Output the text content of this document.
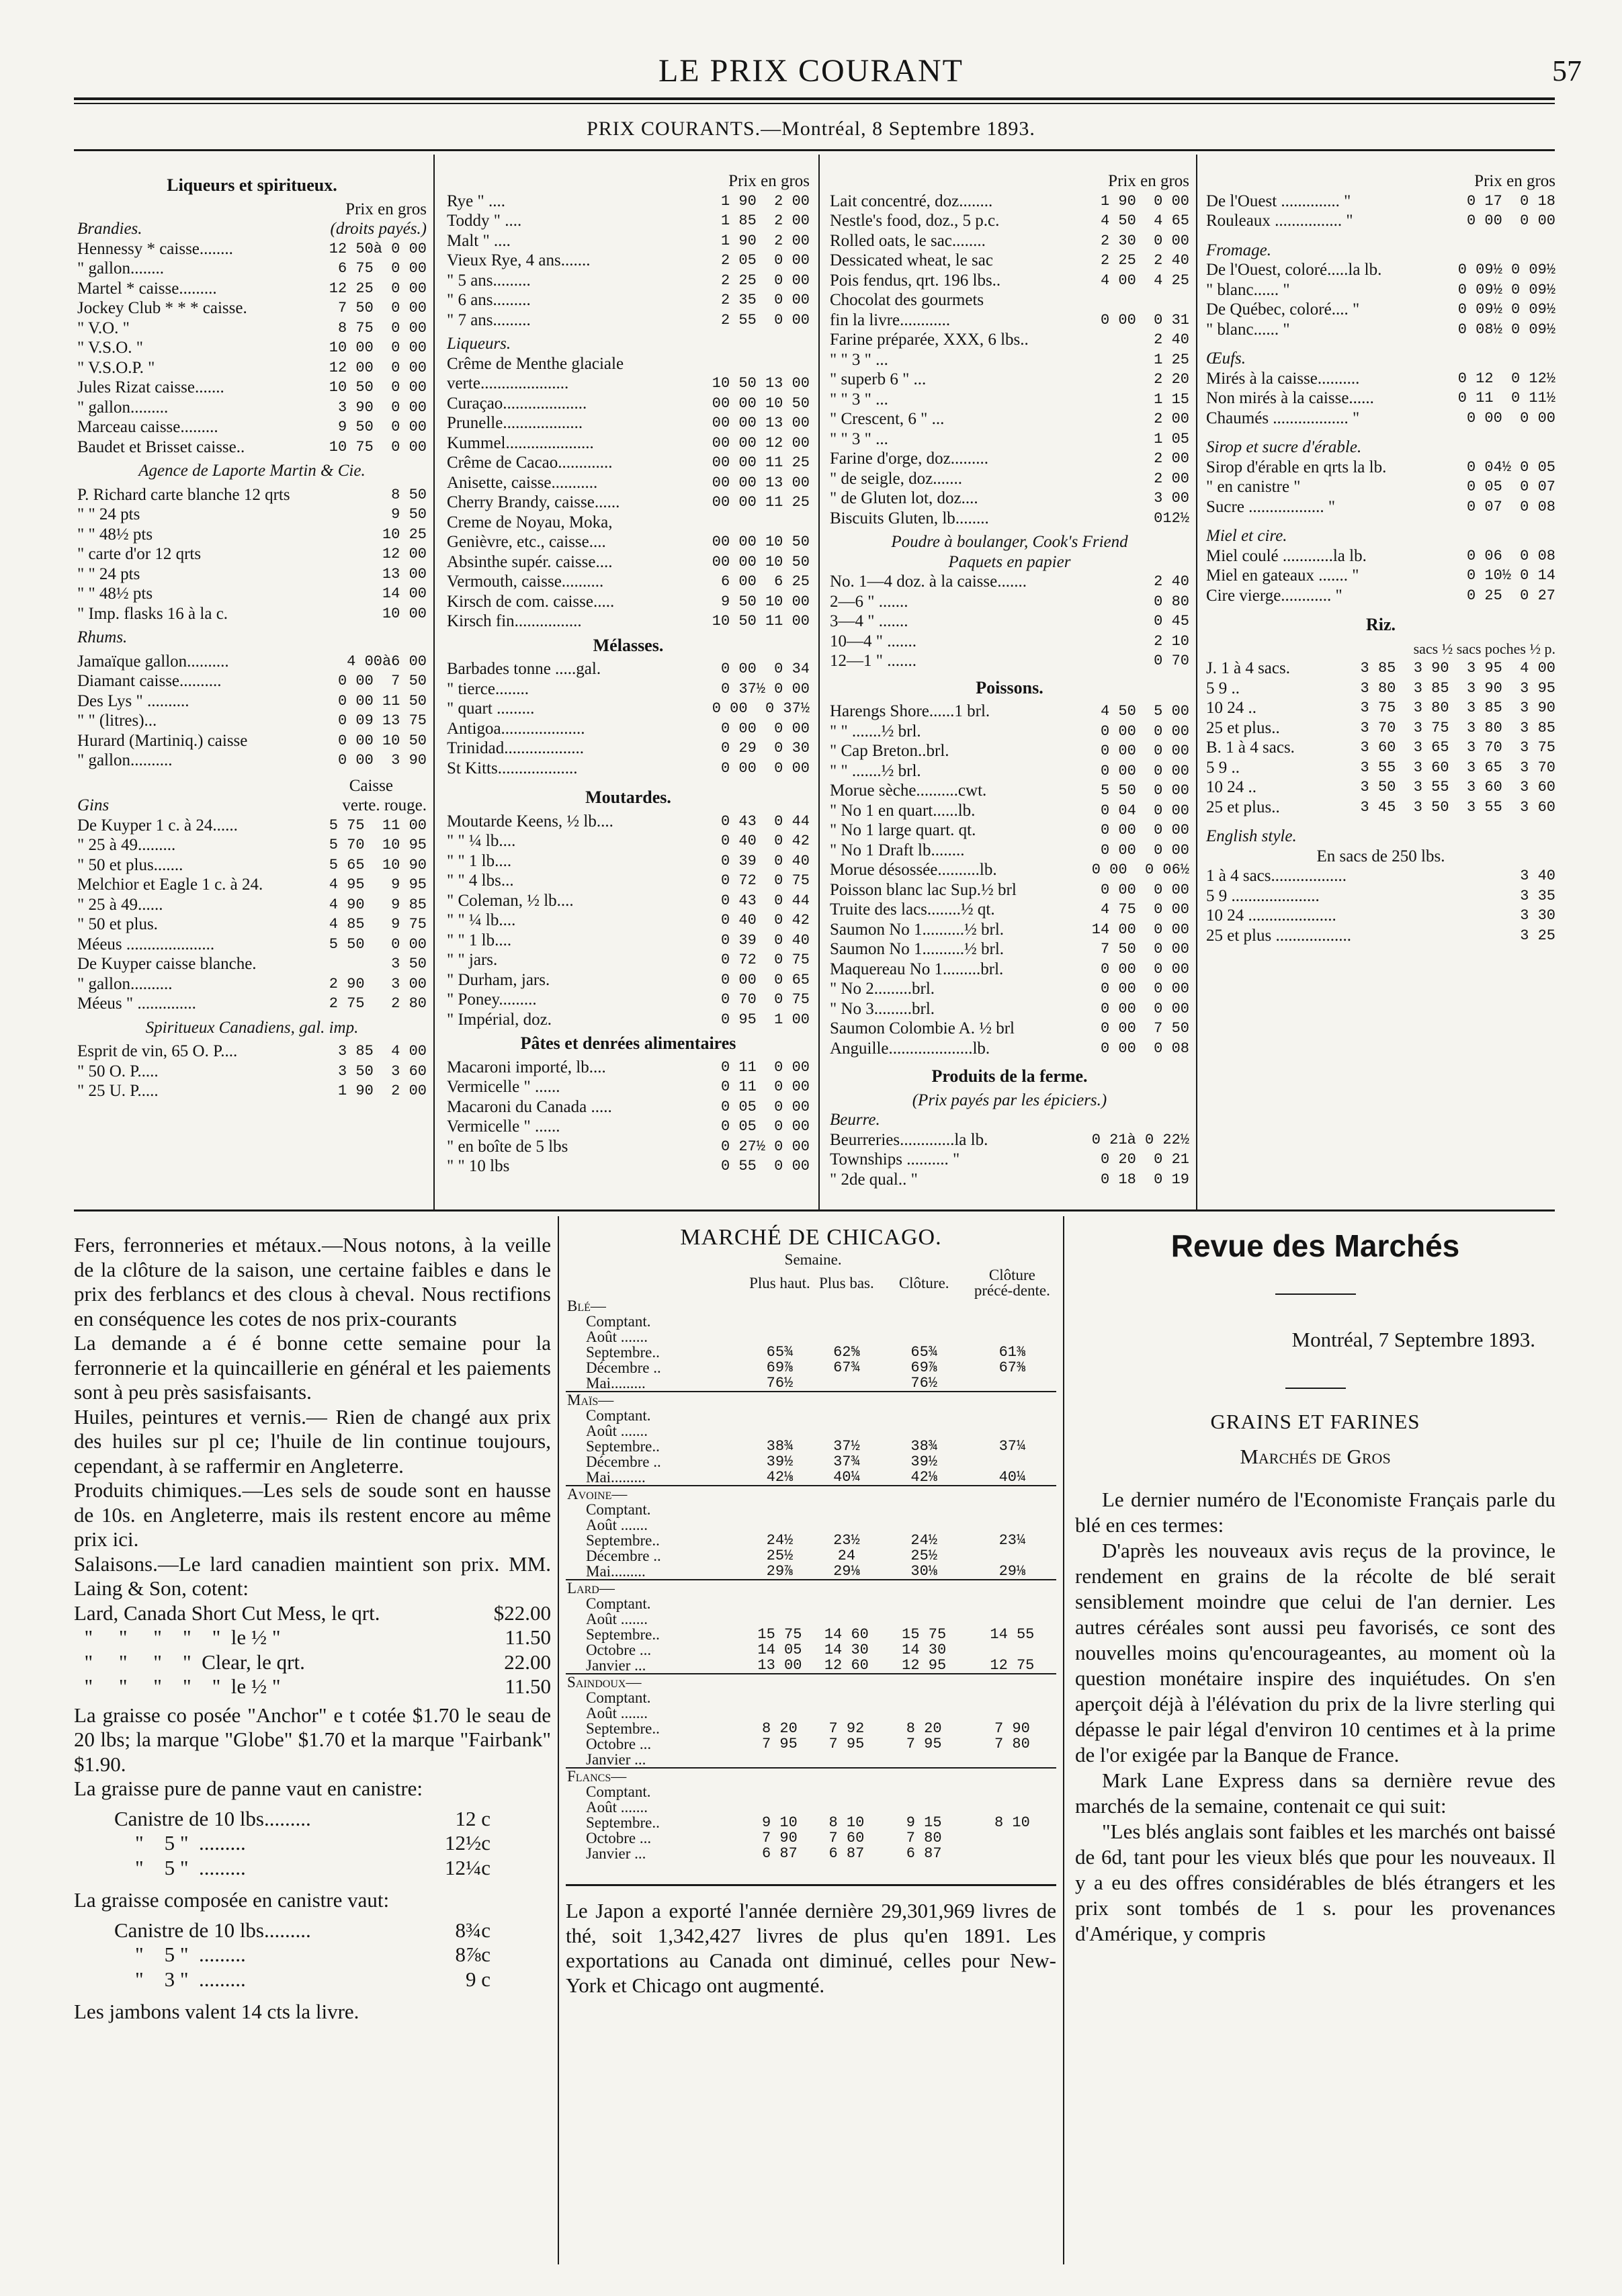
LE PRIX COURANT	57
PRIX COURANTS.—Montréal, 8 Septembre 1893.
Liqueurs et spiritueux.
Prix en gros
Brandies.	(droits payés.)
Hennessy * caisse........	12 50à 0 00
" gallon........	6 75  0 00
Martel * caisse.........	12 25  0 00
Jockey Club * * * caisse.	7 50  0 00
" V.O. "	8 75  0 00
" V.S.O. "	10 00  0 00
" V.S.O.P. "	12 00  0 00
Jules Rizat caisse.......	10 50  0 00
" gallon.........	3 90  0 00
Marceau caisse.........	9 50  0 00
Baudet et Brisset caisse..	10 75  0 00
Agence de Laporte Martin & Cie.
P. Richard carte blanche 12 qrts	8 50
" " 24 pts	9 50
" " 48½ pts	10 25
" carte d'or 12 qrts	12 00
" " 24 pts	13 00
" " 48½ pts	14 00
" Imp. flasks 16 à la c.	10 00
Rhums.
Jamaïque gallon..........	4 00à6 00
Diamant caisse..........	0 00  7 50
Des Lys " ..........	0 00 11 50
" " (litres)...	0 09 13 75
Hurard (Martiniq.) caisse	0 00 10 50
" gallon..........	0 00  3 90
Caisse
Gins	verte. rouge.
De Kuyper 1 c. à 24......	5 75  11 00
" 25 à 49.........	5 70  10 95
" 50 et plus.......	5 65  10 90
Melchior et Eagle 1 c. à 24.	4 95   9 95
" 25 à 49......	4 90   9 85
" 50 et plus.	4 85   9 75
Méeus .....................	5 50   0 00
De Kuyper caisse blanche.	3 50
" gallon..........	2 90   3 00
Méeus " ..............	2 75   2 80
Spiritueux Canadiens, gal. imp.
Esprit de vin, 65 O. P....	3 85  4 00
" 50 O. P.....	3 50  3 60
" 25 U. P.....	1 90  2 00
Prix en gros
Rye " ....	1 90  2 00
Toddy " ....	1 85  2 00
Malt " ....	1 90  2 00
Vieux Rye, 4 ans.......	2 05  0 00
" 5 ans.........	2 25  0 00
" 6 ans.........	2 35  0 00
" 7 ans.........	2 55  0 00
Liqueurs.
Crême de Menthe glaciale
verte.....................	10 50 13 00
Curaçao....................	00 00 10 50
Prunelle...................	00 00 13 00
Kummel.....................	00 00 12 00
Crême de Cacao.............	00 00 11 25
Anisette, caisse...........	00 00 13 00
Cherry Brandy, caisse......	00 00 11 25
Creme de Noyau, Moka,
Genièvre, etc., caisse....	00 00 10 50
Absinthe supér. caisse....	00 00 10 50
Vermouth, caisse..........	6 00  6 25
Kirsch de com. caisse.....	9 50 10 00
Kirsch fin................	10 50 11 00
Mélasses.
Barbades tonne .....gal.	0 00  0 34
" tierce........	0 37½ 0 00
" quart .........	0 00  0 37½
Antigoa....................	0 00  0 00
Trinidad...................	0 29  0 30
St Kitts...................	0 00  0 00
Moutardes.
Moutarde Keens, ½ lb....	0 43  0 44
" " ¼ lb....	0 40  0 42
" " 1 lb....	0 39  0 40
" " 4 lbs...	0 72  0 75
" Coleman, ½ lb....	0 43  0 44
" " ¼ lb....	0 40  0 42
" " 1 lb....	0 39  0 40
" " jars.	0 72  0 75
" Durham, jars.	0 00  0 65
" Poney.........	0 70  0 75
" Impérial, doz.	0 95  1 00
Pâtes et denrées alimentaires
Macaroni importé, lb....	0 11  0 00
Vermicelle " ......	0 11  0 00
Macaroni du Canada .....	0 05  0 00
Vermicelle " ......	0 05  0 00
" en boîte de 5 lbs	0 27½ 0 00
" " 10 lbs	0 55  0 00
Prix en gros
Lait concentré, doz........	1 90  0 00
Nestle's food, doz., 5 p.c.	4 50  4 65
Rolled oats, le sac........	2 30  0 00
Dessicated wheat, le sac	2 25  2 40
Pois fendus, qrt. 196 lbs..	4 00  4 25
Chocolat des gourmets
fin la livre............	0 00  0 31
Farine préparée, XXX, 6 lbs..	2 40
" " 3 " ...	1 25
" superb 6 " ...	2 20
" " 3 " ...	1 15
" Crescent, 6 " ...	2 00
" " 3 " ...	1 05
Farine d'orge, doz.........	2 00
" de seigle, doz.......	2 00
" de Gluten lot, doz....	3 00
Biscuits Gluten, lb........	012½
Poudre à boulanger, Cook's Friend
Paquets en papier
No. 1—4 doz. à la caisse.......	2 40
2—6 " .......	0 80
3—4 " .......	0 45
10—4 " .......	2 10
12—1 " .......	0 70
Poissons.
Harengs Shore......1 brl.	4 50  5 00
" " .......½ brl.	0 00  0 00
" Cap Breton..brl.	0 00  0 00
" " .......½ brl.	0 00  0 00
Morue sèche..........cwt.	5 50  0 00
" No 1 en quart......lb.	0 04  0 00
" No 1 large quart. qt.	0 00  0 00
" No 1 Draft lb........	0 00  0 00
Morue désossée..........lb.	0 00  0 06½
Poisson blanc lac Sup.½ brl	0 00  0 00
Truite des lacs........½ qt.	4 75  0 00
Saumon No 1..........½ brl.	14 00  0 00
Saumon No 1..........½ brl.	7 50  0 00
Maquereau No 1.........brl.	0 00  0 00
" No 2.........brl.	0 00  0 00
" No 3.........brl.	0 00  0 00
Saumon Colombie A. ½ brl	0 00  7 50
Anguille....................lb.	0 00  0 08
Produits de la ferme.
(Prix payés par les épiciers.)
Beurre.
Beurreries.............la lb.	0 21à 0 22½
Townships .......... "	0 20  0 21
" 2de qual.. "	0 18  0 19
Prix en gros
De l'Ouest .............. "	0 17  0 18
Rouleaux ................ "	0 00  0 00
Fromage.
De l'Ouest, coloré.....la lb.	0 09½ 0 09½
" blanc...... "	0 09½ 0 09½
De Québec, coloré.... "	0 09½ 0 09½
" blanc...... "	0 08½ 0 09½
Œufs.
Mirés à la caisse..........	0 12  0 12½
Non mirés à la caisse......	0 11  0 11½
Chaumés .................. "	0 00  0 00
Sirop et sucre d'érable.
Sirop d'érable en qrts la lb.	0 04½ 0 05
" en canistre "	0 05  0 07
Sucre .................. "	0 07  0 08
Miel et cire.
Miel coulé ............la lb.	0 06  0 08
Miel en gateaux ....... "	0 10½ 0 14
Cire vierge............ "	0 25  0 27
Riz.
sacs ½ sacs poches ½ p.
J. 1 à 4 sacs.	3 85  3 90  3 95  4 00
5 9 ..	3 80  3 85  3 90  3 95
10 24 ..	3 75  3 80  3 85  3 90
25 et plus..	3 70  3 75  3 80  3 85
B. 1 à 4 sacs.	3 60  3 65  3 70  3 75
5 9 ..	3 55  3 60  3 65  3 70
10 24 ..	3 50  3 55  3 60  3 60
25 et plus..	3 45  3 50  3 55  3 60
English style.
En sacs de 250 lbs.
1 à 4 sacs..................	3 40
5 9 .....................	3 35
10 24 .....................	3 30
25 et plus ..................	3 25

Fers, ferronneries et métaux.—Nous notons, à la veille de la clôture de la saison, une certaine faibles e dans le prix des ferblancs et des clous à cheval. Nous rectifions en conséquence les cotes de nos prix-courants

La demande a é é bonne cette semaine pour la ferronnerie et la quincaillerie en général et les paiements sont à peu près sasisfaisants.

Huiles, peintures et vernis.— Rien de changé aux prix des huiles sur pl ce; l'huile de lin continue toujours, cependant, à se raffermir en Angleterre.

Produits chimiques.—Les sels de soude sont en hausse de 10s. en Angleterre, mais ils restent encore au même prix ici.

Salaisons.—Le lard canadien maintient son prix. MM. Laing & Son, cotent:

Lard, Canada Short Cut Mess, le qrt.	$22.00
"     "     "    "    "  le ½ "	11.50
"     "     "    "  Clear, le qrt.	22.00
"     "     "    "    "  le ½ "	11.50

La graisse co posée "Anchor" e t cotée $1.70 le seau de 20 lbs; la marque "Globe" $1.70 et la marque "Fairbank" $1.90.

La graisse pure de panne vaut en canistre:

Canistre de 10 lbs.........	12 c
"    5 "  .........	12½c
"    5 "  .........	12¼c

La graisse composée en canistre vaut:

Canistre de 10 lbs.........	8¾c
"    5 "  .........	8⅞c
"    3 "  .........	9 c

Les jambons valent 14 cts la livre.

MARCHÉ DE CHICAGO.
	Semaine.			
	Plus haut.	Plus bas.	Clôture.	Clôture précé-dente.
Blé—				
Comptant.				
Août .......				
Septembre..	65¾	62⅝	65¾	61⅜
Décembre ..	69⅞	67¾	69⅞	67⅜
Mai.........	76½		76½	
Maïs—				
Comptant.				
Août .......				
Septembre..	38¾	37½	38¾	37¼
Décembre ..	39½	37¾	39½	
Mai.........	42⅛	40¼	42⅛	40¼
Avoine—				
Comptant.				
Août .......				
Septembre..	24½	23½	24½	23¼
Décembre ..	25½	24	25½	
Mai.........	29⅞	29⅛	30⅛	29⅛
Lard—				
Comptant.				
Août .......				
Septembre..	15 75	14 60	15 75	14 55
Octobre ...	14 05	14 30	14 30	
Janvier ...	13 00	12 60	12 95	12 75
Saindoux—				
Comptant.				
Août .......				
Septembre..	8 20	7 92	8 20	7 90
Octobre ...	7 95	7 95	7 95	7 80
Janvier ...				
Flancs—				
Comptant.				
Août .......				
Septembre..	9 10	8 10	9 15	8 10
Octobre ...	7 90	7 60	7 80	
Janvier ...	6 87	6 87	6 87	
Le Japon a exporté l'année dernière 29,301,969 livres de thé, soit 1,342,427 livres de plus qu'en 1891. Les exportations au Canada ont diminué, celles pour New-York et Chicago ont augmenté.
Revue des Marchés
Montréal, 7 Septembre 1893.
GRAINS ET FARINES
Marchés de Gros

Le dernier numéro de l'Economiste Français parle du blé en ces termes:

D'après les nouveaux avis reçus de la province, le rendement en grains de la récolte de blé serait sensiblement moindre que celui de l'an dernier. Les autres céréales sont aussi peu favorisés, ce sont des nouvelles moins qu'encourageantes, au moment où la question monétaire inspire des inquiétudes. On s'en aperçoit déjà à l'élévation du prix de la livre sterling qui dépasse le pair légal d'environ 10 centimes et à la prime de l'or exigée par la Banque de France.

Mark Lane Express dans sa dernière revue des marchés de la semaine, contenait ce qui suit:

"Les blés anglais sont faibles et les marchés ont baissé de 6d, tant pour les vieux blés que pour les nouveaux. Il y a eu des offres considérables de blés étrangers et les prix sont tombés de 1 s. pour les provenances d'Amérique, y compris
